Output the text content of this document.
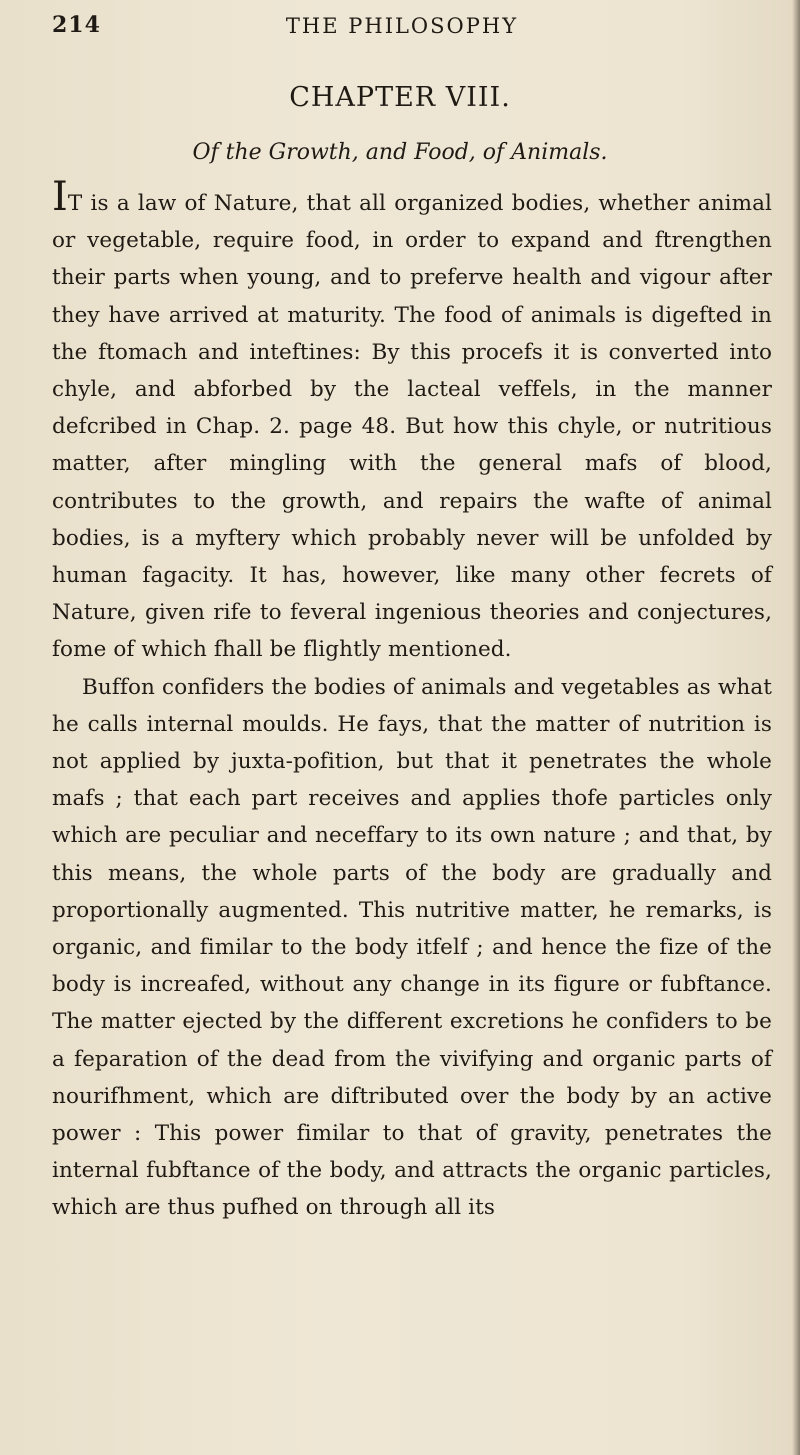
214	THE PHILOSOPHY
CHAPTER VIII.
Of the Growth, and Food, of Animals.

IT is a law of Nature, that all organized bodies, whether animal or vegetable, require food, in order to expand and ftrengthen their parts when young, and to preferve health and vigour after they have arrived at maturity. The food of animals is digefted in the ftomach and inteftines: By this procefs it is converted into chyle, and abforbed by the lacteal veffels, in the manner defcribed in Chap. 2. page 48. But how this chyle, or nutritious matter, after mingling with the general mafs of blood, contributes to the growth, and repairs the wafte of animal bodies, is a myftery which probably never will be unfolded by human fagacity. It has, however, like many other fecrets of Nature, given rife to feveral ingenious theories and conjectures, fome of which fhall be flightly mentioned.

Buffon confiders the bodies of animals and vegetables as what he calls internal moulds. He fays, that the matter of nutrition is not applied by juxta-pofition, but that it penetrates the whole mafs ; that each part receives and applies thofe particles only which are peculiar and neceffary to its own nature ; and that, by this means, the whole parts of the body are gradually and proportionally augmented. This nutritive matter, he remarks, is organic, and fimilar to the body itfelf ; and hence the fize of the body is increafed, without any change in its figure or fubftance. The matter ejected by the different excretions he confiders to be a feparation of the dead from the vivifying and organic parts of nourifhment, which are diftributed over the body by an active power : This power fimilar to that of gravity, penetrates the internal fubftance of the body, and attracts the organic particles, which are thus pufhed on through all its
